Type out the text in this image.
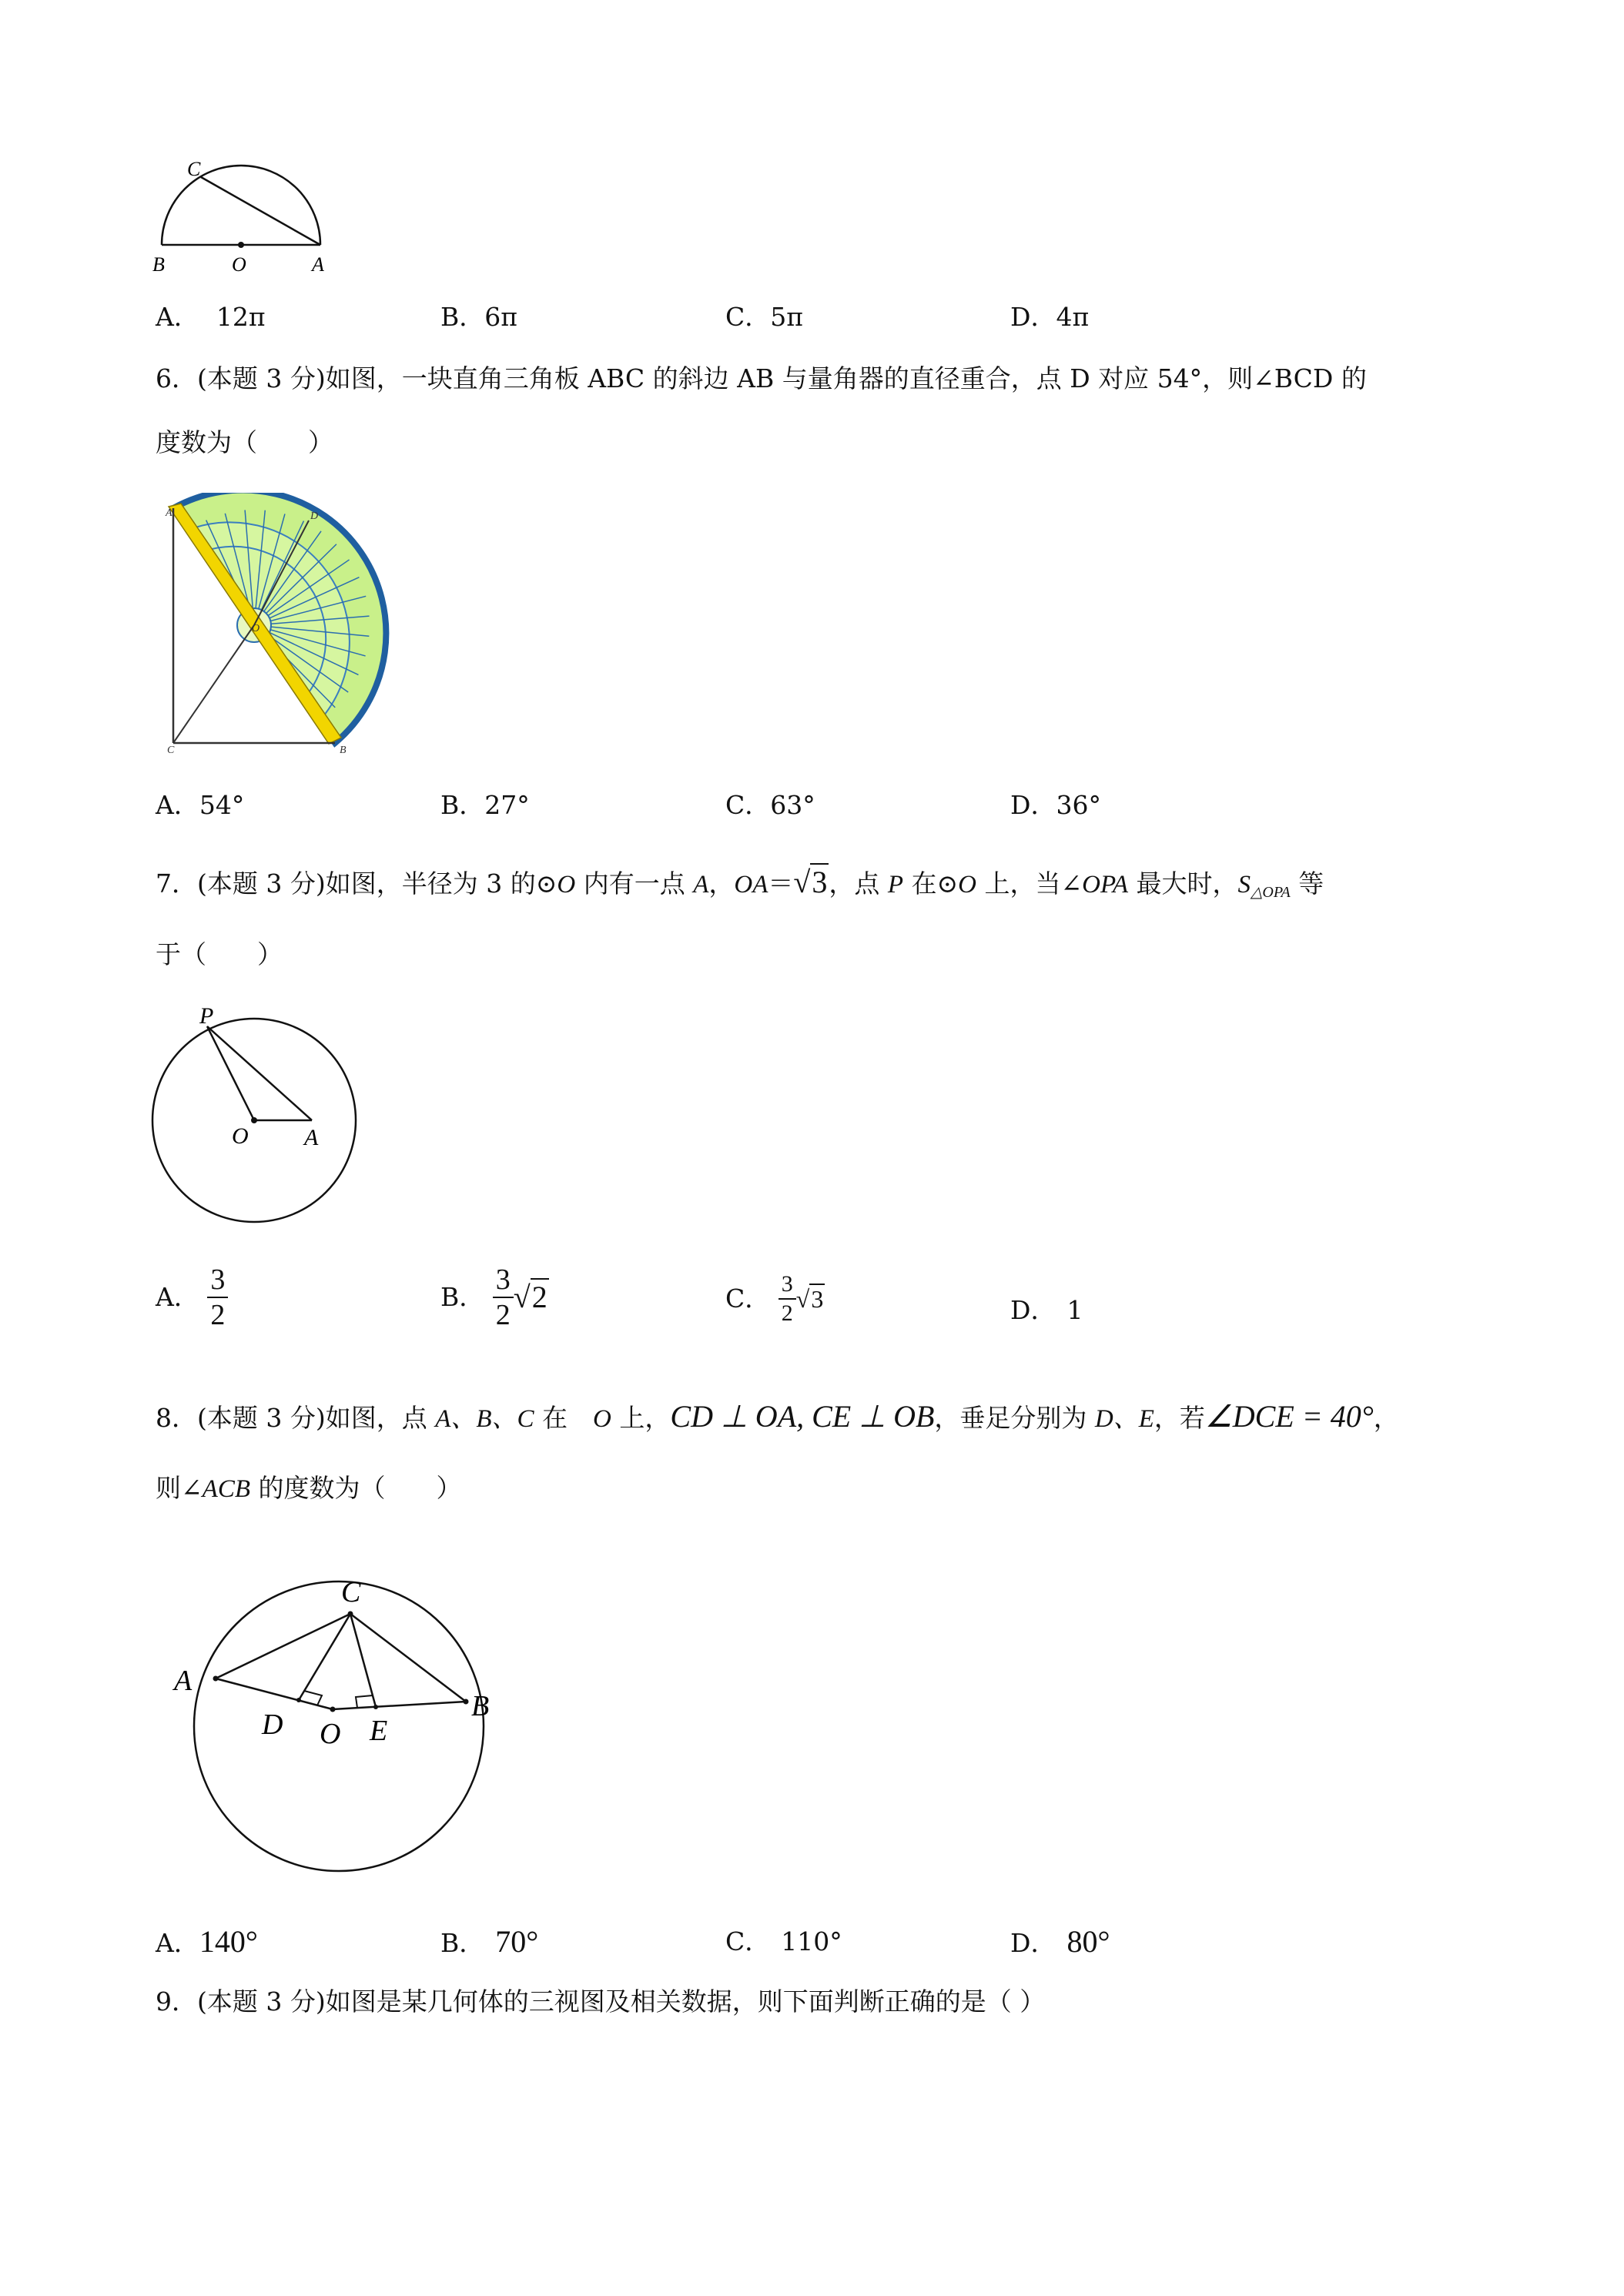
C
B	O	A
A． 12π	B．6π	C．5π	D．4π
6．(本题 3 分)如图，一块直角三角板 ABC 的斜边 AB 与量角器的直径重合，点 D 对应 54°，则∠BCD 的
度数为（　　）
A	D
O
C	B
A．54°	B．27°	C．63°	D．36°
7．(本题 3 分)如图，半径为 3 的⊙O 内有一点 A，OA＝√3，点 P 在⊙O 上，当∠OPA 最大时，S△OPA 等
于（　　）
P
O A
A． $\frac{3}{2}$	B． $\frac{3}{2} √2$	C． $\frac{3}{2} √3$	D． 1
8．(本题 3 分)如图，点 A、B、C 在　O 上，CD ⊥ OA, CE ⊥ OB，垂足分别为 D、E，若∠DCE = 40°，
则∠ACB 的度数为（　　）
C
A
B
D O E
A．140°	B． 70°	C． 110°	D． 80°
9．(本题 3 分)如图是某几何体的三视图及相关数据，则下面判断正确的是（ ）
